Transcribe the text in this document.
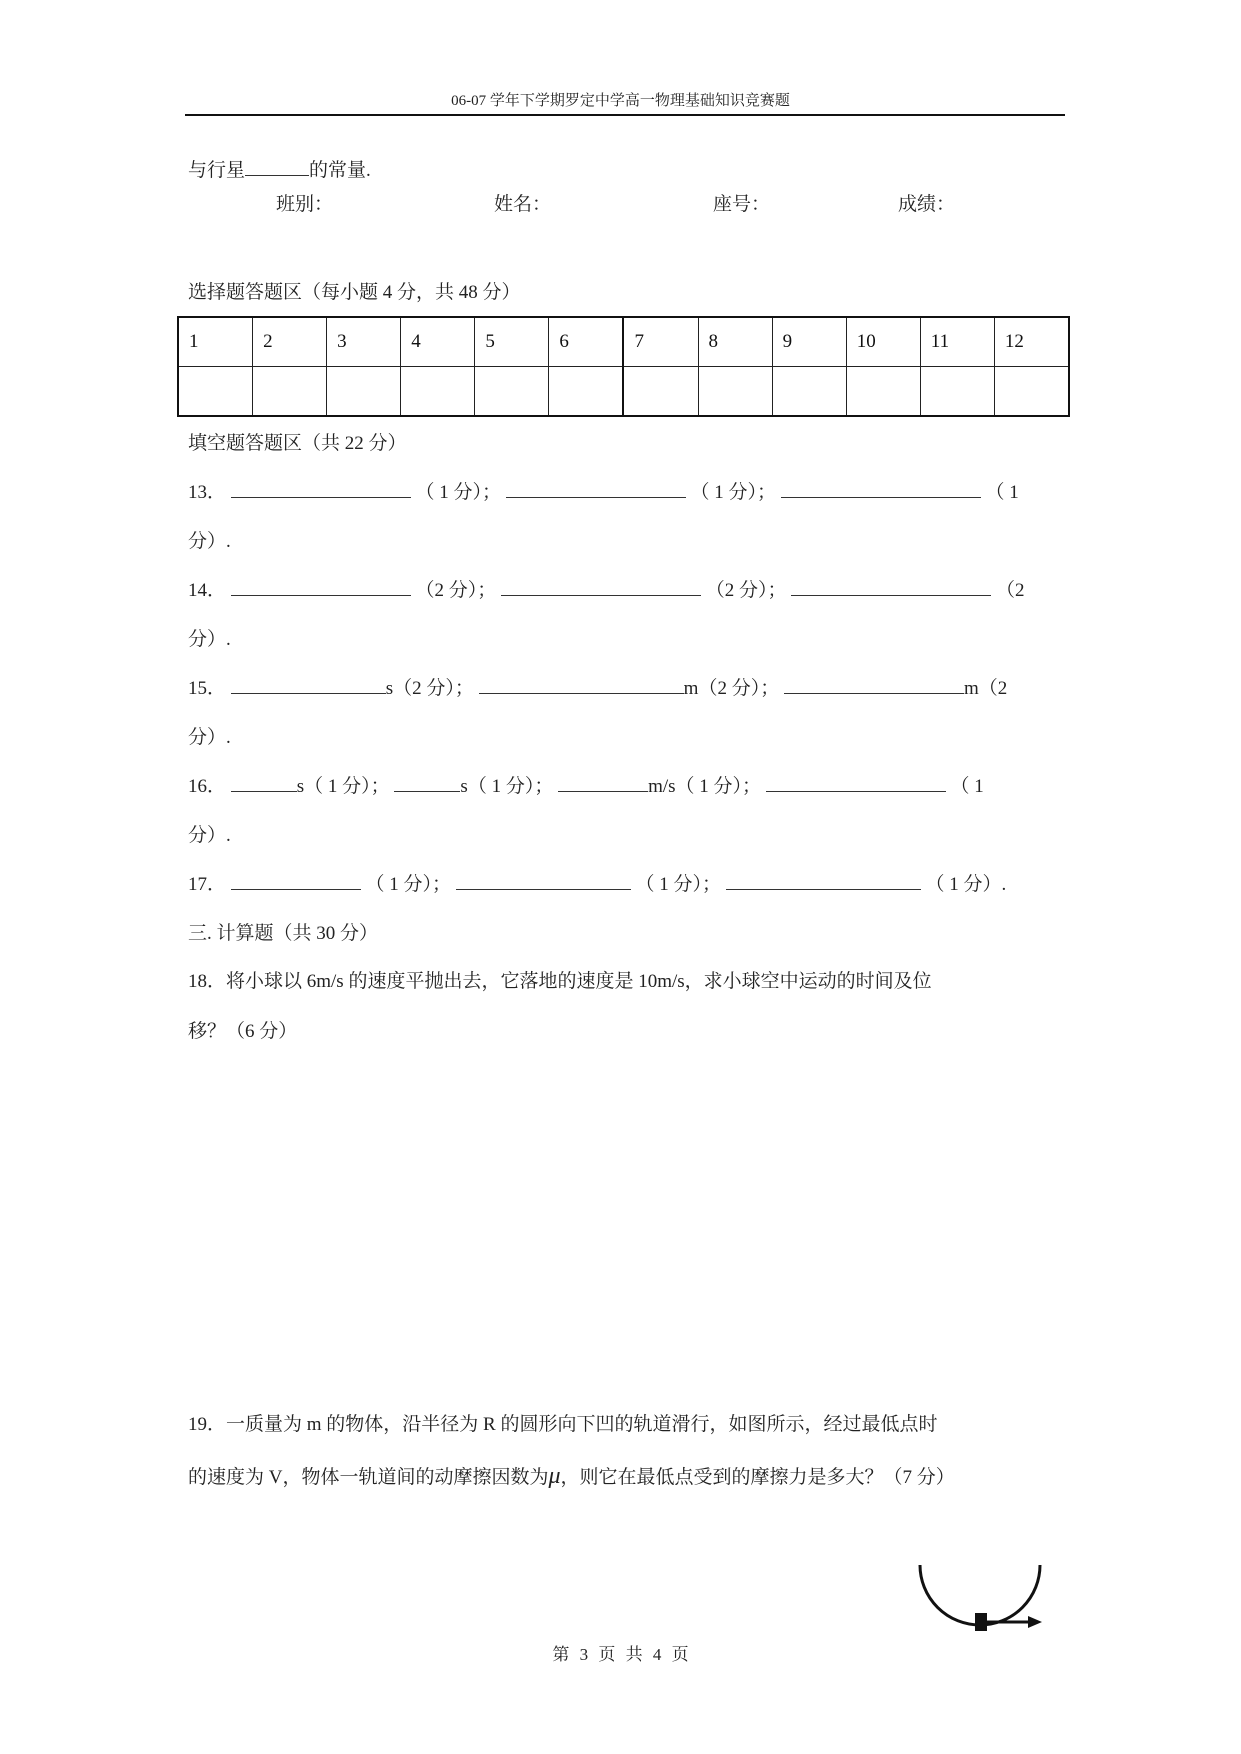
06-07 学年下学期罗定中学高一物理基础知识竞赛题
与行星	的常量.
班别：	姓名：	座号：	成绩：
选择题答题区（每小题 4 分，共 48 分）
1	2	3	4	5	6	7	8	9	10	11	12

填空题答题区（共 22 分）
13．	（ 1 分）；	（ 1 分）；	（ 1
分）.
14．	（2 分）；	（2 分）；	（2
分）.
15．	s（2 分）；	m（2 分）；	m（2
分）.
16．	s（ 1 分）；	s（ 1 分）；	m/s（ 1 分）；	（ 1
分）.
17．	（ 1 分）；	（ 1 分）；	（ 1 分）.
三. 计算题（共 30 分）
18．将小球以 6m/s 的速度平抛出去，它落地的速度是 10m/s，求小球空中运动的时间及位
移？（6 分）
19．一质量为 m 的物体，沿半径为 R 的圆形向下凹的轨道滑行，如图所示，经过最低点时
的速度为 V，物体一轨道间的动摩擦因数为μ，则它在最低点受到的摩擦力是多大？（7 分）
第 3 页 共 4 页
